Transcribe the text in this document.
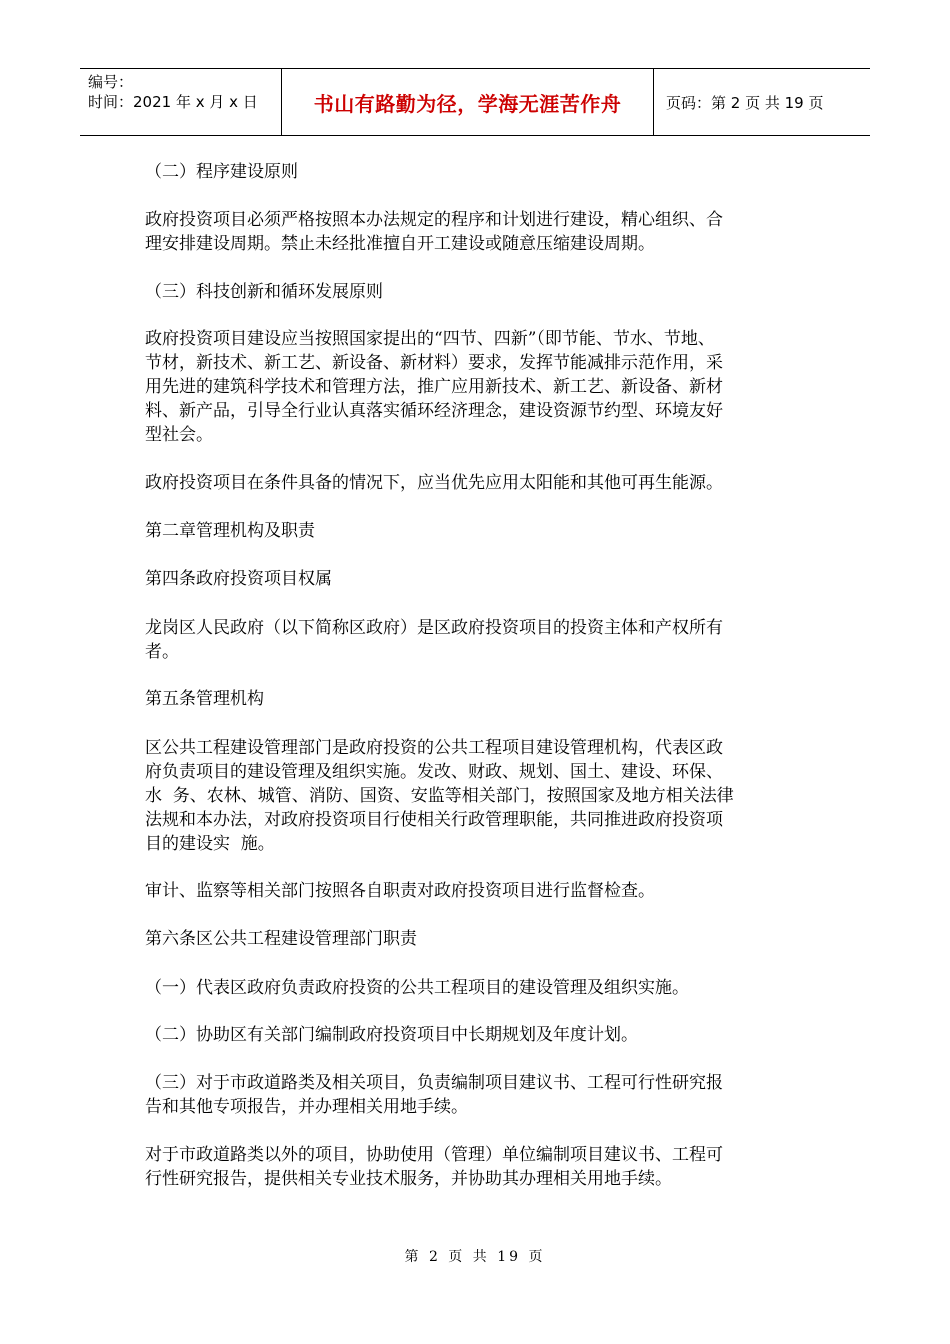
编号：
时间：2021 年 x 月 x 日	书山有路勤为径，学海无涯苦作舟	页码：第 2 页 共 19 页

（二）程序建设原则

政府投资项目必须严格按照本办法规定的程序和计划进行建设，精心组织、合
理安排建设周期。禁止未经批准擅自开工建设或随意压缩建设周期。

（三）科技创新和循环发展原则

政府投资项目建设应当按照国家提出的“四节、四新”（即节能、节水、节地、
节材，新技术、新工艺、新设备、新材料）要求，发挥节能减排示范作用，采
用先进的建筑科学技术和管理方法，推广应用新技术、新工艺、新设备、新材
料、新产品，引导全行业认真落实循环经济理念，建设资源节约型、环境友好
型社会。

政府投资项目在条件具备的情况下，应当优先应用太阳能和其他可再生能源。

第二章管理机构及职责

第四条政府投资项目权属

龙岗区人民政府（以下简称区政府）是区政府投资项目的投资主体和产权所有
者。

第五条管理机构

区公共工程建设管理部门是政府投资的公共工程项目建设管理机构，代表区政
府负责项目的建设管理及组织实施。发改、财政、规划、国土、建设、环保、
水  务、农林、城管、消防、国资、安监等相关部门，按照国家及地方相关法律
法规和本办法，对政府投资项目行使相关行政管理职能，共同推进政府投资项
目的建设实  施。

审计、监察等相关部门按照各自职责对政府投资项目进行监督检查。

第六条区公共工程建设管理部门职责

（一）代表区政府负责政府投资的公共工程项目的建设管理及组织实施。

（二）协助区有关部门编制政府投资项目中长期规划及年度计划。

（三）对于市政道路类及相关项目，负责编制项目建议书、工程可行性研究报
告和其他专项报告，并办理相关用地手续。

对于市政道路类以外的项目，协助使用（管理）单位编制项目建议书、工程可
行性研究报告，提供相关专业技术服务，并协助其办理相关用地手续。

第 2 页 共 19 页
